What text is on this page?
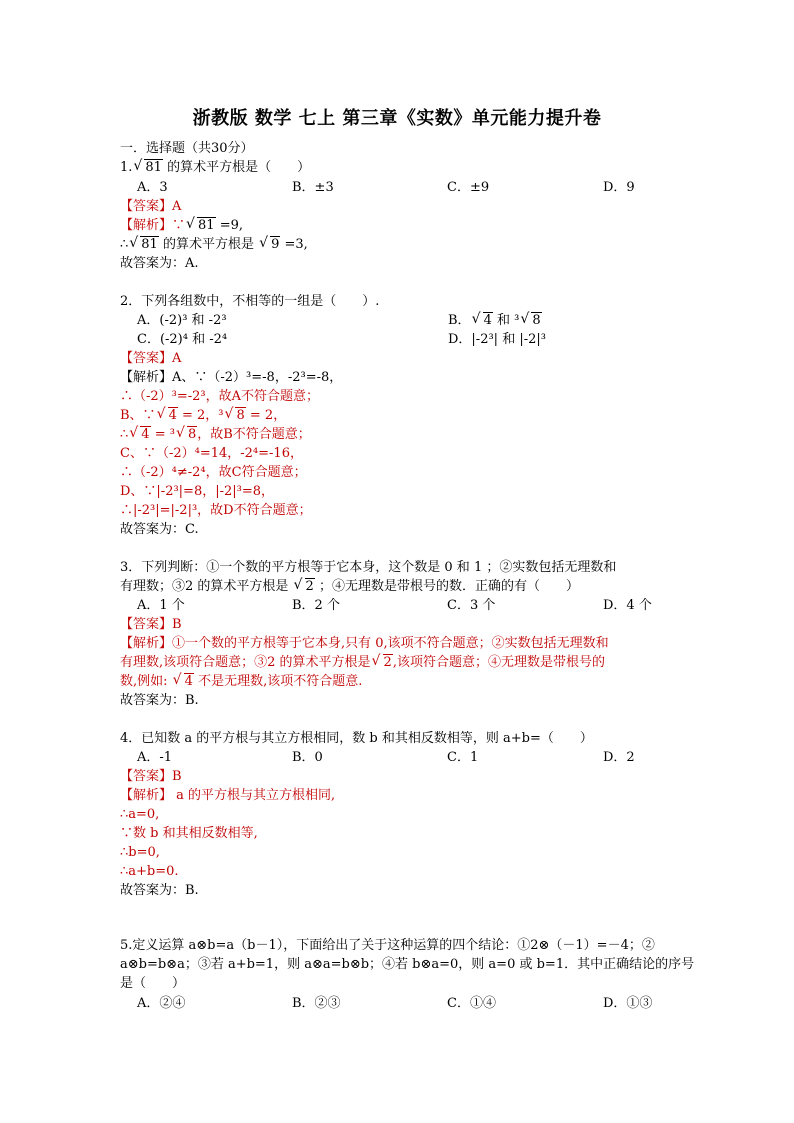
浙教版 数学 七上 第三章《实数》单元能力提升卷
一．选择题（共30分）
1. √ 81 的算术平方根是（　　）
A．3	B．±3	C．±9	D．9
【答案】A
【解析】∵ √ 81 =9,
∴ √ 81 的算术平方根是 √ 9 =3,
故答案为：A.
2．下列各组数中，不相等的一组是（　　）.
A．(-2)³ 和 -2³	B． √ 4 和 ³ √ 8
C．(-2)⁴ 和 -2⁴	D．|-2³| 和 |-2|³
【答案】A
【解析】A、∵（-2）³=-8，-2³=-8，
∴（-2）³=-2³，故A不符合题意；
B、∵ √ 4 = 2，³ √ 8 = 2，
∴ √ 4 = ³ √ 8，故B不符合题意；
C、∵（-2）⁴=14，-2⁴=-16，
∴（-2）⁴≠-2⁴，故C符合题意；
D、∵|-2³|=8，|-2|³=8，
∴|-2³|=|-2|³，故D不符合题意；
故答案为：C.
3．下列判断：①一个数的平方根等于它本身，这个数是 0 和 1 ；②实数包括无理数和
有理数；③2 的算术平方根是 √ 2 ；④无理数是带根号的数．正确的有（　　）
A．1 个	B．2 个	C．3 个	D．4 个
【答案】B
【解析】①一个数的平方根等于它本身,只有 0,该项不符合题意；②实数包括无理数和
有理数,该项符合题意；③2 的算术平方根是 √ 2,该项符合题意；④无理数是带根号的
数,例如: √ 4 不是无理数,该项不符合题意.
故答案为：B.
4．已知数 a 的平方根与其立方根相同，数 b 和其相反数相等，则 a+b=（　　）
A．-1	B．0	C．1	D．2
【答案】B
【解析】 a 的平方根与其立方根相同,
∴a=0,
∵数 b 和其相反数相等,
∴b=0,
∴a+b=0.
故答案为：B.
5.定义运算 a⊗b=a（b－1），下面给出了关于这种运算的四个结论：①2⊗（－1）=－4；②
a⊗b=b⊗a；③若 a+b=1，则 a⊗a=b⊗b；④若 b⊗a=0，则 a=0 或 b=1．其中正确结论的序号
是（　　）
A．②④	B．②③	C．①④	D．①③
